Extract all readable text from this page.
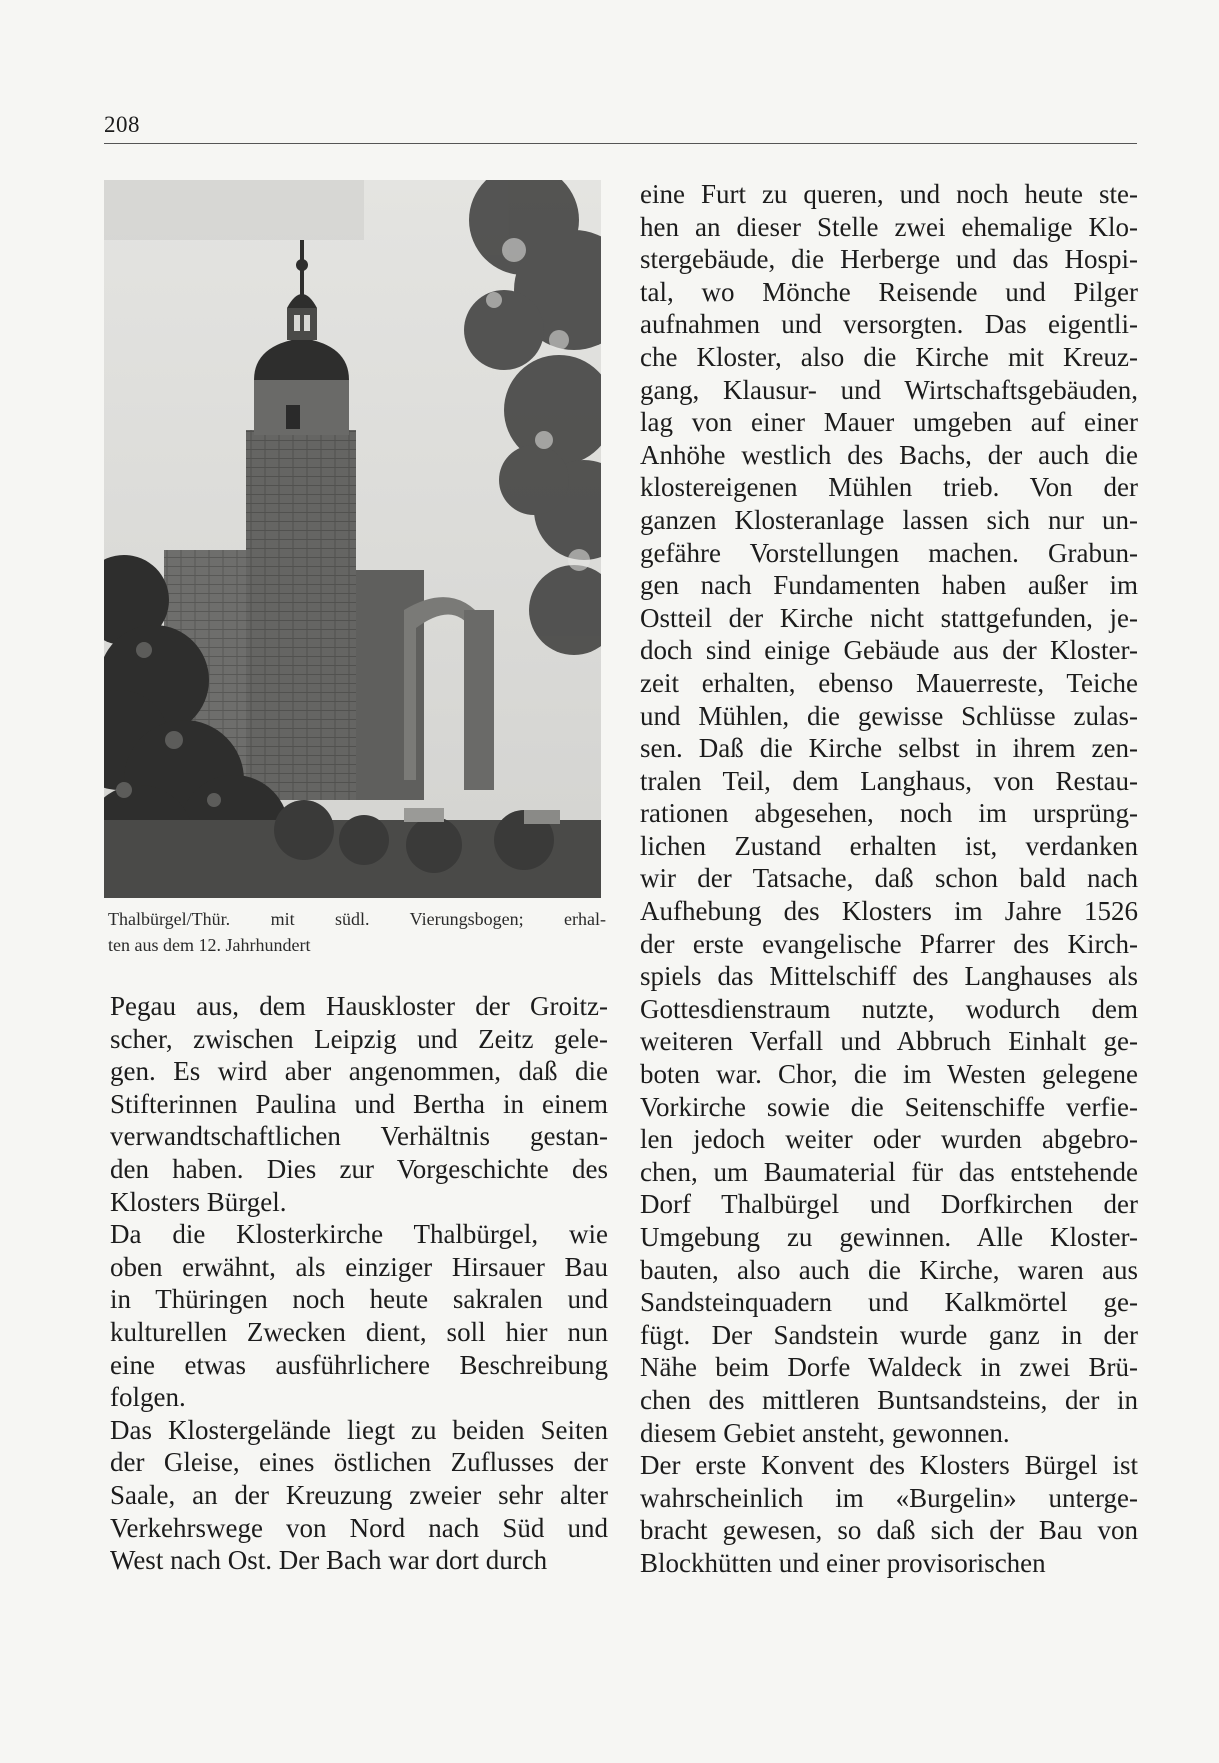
208
Thalbürgel/Thür. mit südl. Vierungsbogen; erhal-
ten aus dem 12. Jahrhundert
Pegau aus, dem Hauskloster der Groitz-
scher, zwischen Leipzig und Zeitz gele-
gen. Es wird aber angenommen, daß die
Stifterinnen Paulina und Bertha in einem
verwandtschaftlichen Verhältnis gestan-
den haben. Dies zur Vorgeschichte des
Klosters Bürgel.
Da die Klosterkirche Thalbürgel, wie
oben erwähnt, als einziger Hirsauer Bau
in Thüringen noch heute sakralen und
kulturellen Zwecken dient, soll hier nun
eine etwas ausführlichere Beschreibung
folgen.
Das Klostergelände liegt zu beiden Seiten
der Gleise, eines östlichen Zuflusses der
Saale, an der Kreuzung zweier sehr alter
Verkehrswege von Nord nach Süd und
West nach Ost. Der Bach war dort durch
eine Furt zu queren, und noch heute ste-
hen an dieser Stelle zwei ehemalige Klo-
stergebäude, die Herberge und das Hospi-
tal, wo Mönche Reisende und Pilger
aufnahmen und versorgten. Das eigentli-
che Kloster, also die Kirche mit Kreuz-
gang, Klausur- und Wirtschaftsgebäuden,
lag von einer Mauer umgeben auf einer
Anhöhe westlich des Bachs, der auch die
klostereigenen Mühlen trieb. Von der
ganzen Klosteranlage lassen sich nur un-
gefähre Vorstellungen machen. Grabun-
gen nach Fundamenten haben außer im
Ostteil der Kirche nicht stattgefunden, je-
doch sind einige Gebäude aus der Kloster-
zeit erhalten, ebenso Mauerreste, Teiche
und Mühlen, die gewisse Schlüsse zulas-
sen. Daß die Kirche selbst in ihrem zen-
tralen Teil, dem Langhaus, von Restau-
rationen abgesehen, noch im ursprüng-
lichen Zustand erhalten ist, verdanken
wir der Tatsache, daß schon bald nach
Aufhebung des Klosters im Jahre 1526
der erste evangelische Pfarrer des Kirch-
spiels das Mittelschiff des Langhauses als
Gottesdienstraum nutzte, wodurch dem
weiteren Verfall und Abbruch Einhalt ge-
boten war. Chor, die im Westen gelegene
Vorkirche sowie die Seitenschiffe verfie-
len jedoch weiter oder wurden abgebro-
chen, um Baumaterial für das entstehende
Dorf Thalbürgel und Dorfkirchen der
Umgebung zu gewinnen. Alle Kloster-
bauten, also auch die Kirche, waren aus
Sandsteinquadern und Kalkmörtel ge-
fügt. Der Sandstein wurde ganz in der
Nähe beim Dorfe Waldeck in zwei Brü-
chen des mittleren Buntsandsteins, der in
diesem Gebiet ansteht, gewonnen.
Der erste Konvent des Klosters Bürgel ist
wahrscheinlich im «Burgelin» unterge-
bracht gewesen, so daß sich der Bau von
Blockhütten und einer provisorischen
